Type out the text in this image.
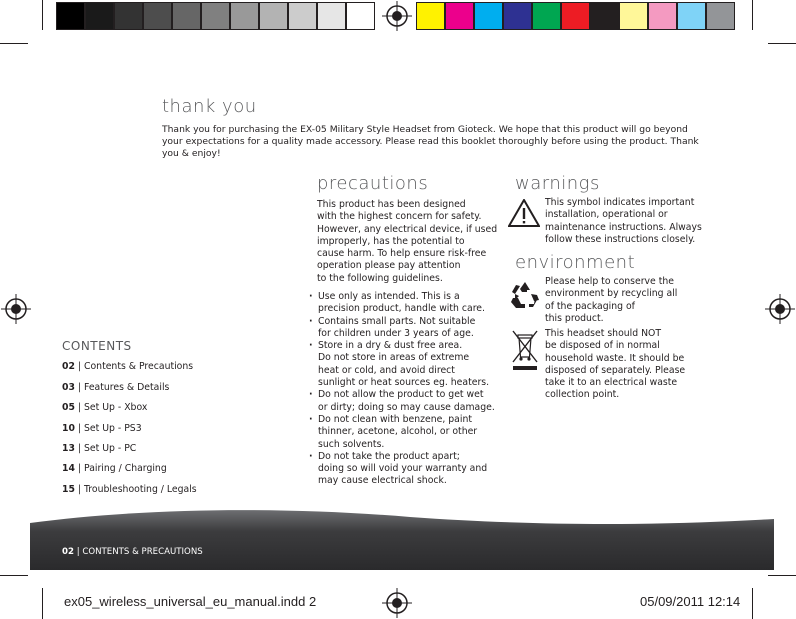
thank you
Thank you for purchasing the EX-05 Military Style Headset from Gioteck. We hope that this product will go beyond your expectations for a quality made accessory. Please read this booklet thoroughly before using the product. Thank you & enjoy!
precautions
This product has been designed
with the highest concern for safety.
However, any electrical device, if used
improperly, has the potential to
cause harm. To help ensure risk-free
operation please pay attention
to the following guidelines.
· Use only as intended. This is a
precision product, handle with care.
· Contains small parts. Not suitable
for children under 3 years of age.
· Store in a dry & dust free area.
Do not store in areas of extreme
heat or cold, and avoid direct
sunlight or heat sources eg. heaters.
· Do not allow the product to get wet
or dirty; doing so may cause damage.
· Do not clean with benzene, paint
thinner, acetone, alcohol, or other
such solvents.
· Do not take the product apart;
doing so will void your warranty and
may cause electrical shock.
warnings
This symbol indicates important
installation, operational or
maintenance instructions. Always
follow these instructions closely.
environment
Please help to conserve the
environment by recycling all
of the packaging of
this product.
This headset should NOT
be disposed of in normal
household waste. It should be
disposed of separately. Please
take it to an electrical waste
collection point.
CONTENTS
02 | Contents & Precautions
03 | Features & Details
05 | Set Up - Xbox
10 | Set Up - PS3
13 | Set Up - PC
14 | Pairing / Charging
15 | Troubleshooting / Legals
02 | CONTENTS & PRECAUTIONS
ex05_wireless_universal_eu_manual.indd 2	05/09/2011 12:14
